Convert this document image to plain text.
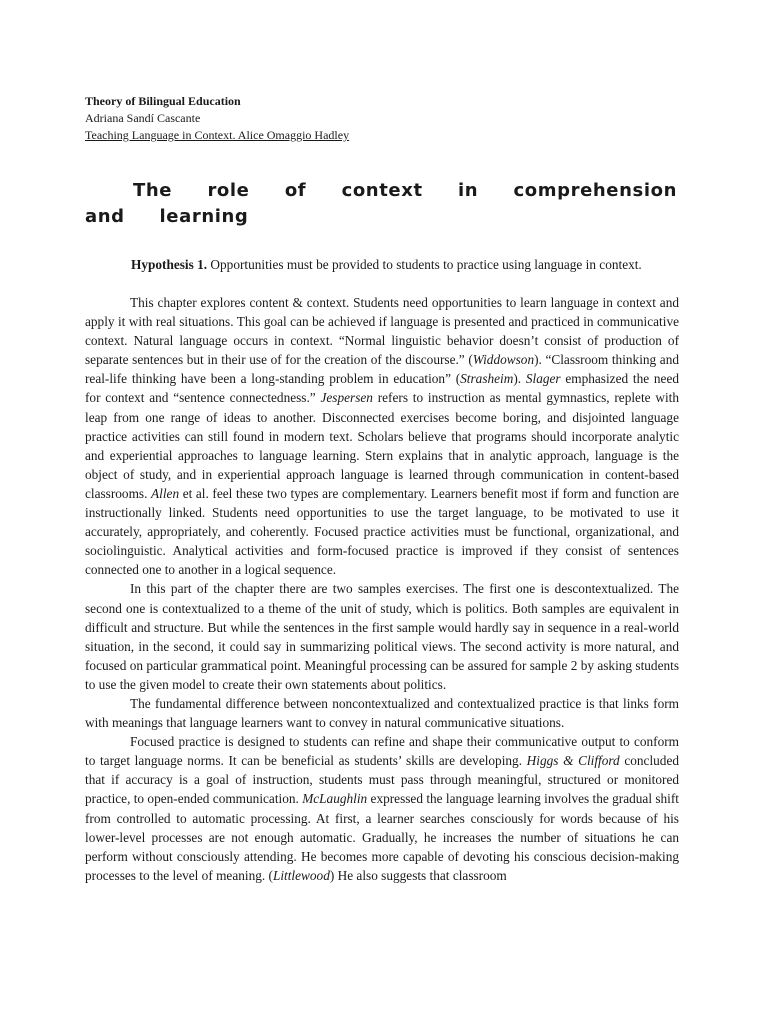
Theory of Bilingual Education
Adriana Sandí Cascante
Teaching Language in Context. Alice Omaggio Hadley
The role of context in comprehension and learning
Hypothesis 1. Opportunities must be provided to students to practice using language in context.

This chapter explores content & context. Students need opportunities to learn language in context and apply it with real situations. This goal can be achieved if language is presented and practiced in communicative context. Natural language occurs in context. “Normal linguistic behavior doesn’t consist of production of separate sentences but in their use of for the creation of the discourse.” (Widdowson). “Classroom thinking and real-life thinking have been a long-standing problem in education” (Strasheim). Slager emphasized the need for context and “sentence connectedness.” Jespersen refers to instruction as mental gymnastics, replete with leap from one range of ideas to another. Disconnected exercises become boring, and disjointed language practice activities can still found in modern text. Scholars believe that programs should incorporate analytic and experiential approaches to language learning. Stern explains that in analytic approach, language is the object of study, and in experiential approach language is learned through communication in content-based classrooms. Allen et al. feel these two types are complementary. Learners benefit most if form and function are instructionally linked. Students need opportunities to use the target language, to be motivated to use it accurately, appropriately, and coherently. Focused practice activities must be functional, organizational, and sociolinguistic. Analytical activities and form-focused practice is improved if they consist of sentences connected one to another in a logical sequence.

In this part of the chapter there are two samples exercises. The first one is descontextualized. The second one is contextualized to a theme of the unit of study, which is politics. Both samples are equivalent in difficult and structure. But while the sentences in the first sample would hardly say in sequence in a real-world situation, in the second, it could say in summarizing political views. The second activity is more natural, and focused on particular grammatical point. Meaningful processing can be assured for sample 2 by asking students to use the given model to create their own statements about politics.

The fundamental difference between noncontextualized and contextualized practice is that links form with meanings that language learners want to convey in natural communicative situations.

Focused practice is designed to students can refine and shape their communicative output to conform to target language norms. It can be beneficial as students’ skills are developing. Higgs & Clifford concluded that if accuracy is a goal of instruction, students must pass through meaningful, structured or monitored practice, to open-ended communication. McLaughlin expressed the language learning involves the gradual shift from controlled to automatic processing. At first, a learner searches consciously for words because of his lower-level processes are not enough automatic. Gradually, he increases the number of situations he can perform without consciously attending. He becomes more capable of devoting his conscious decision-making processes to the level of meaning. (Littlewood) He also suggests that classroom
